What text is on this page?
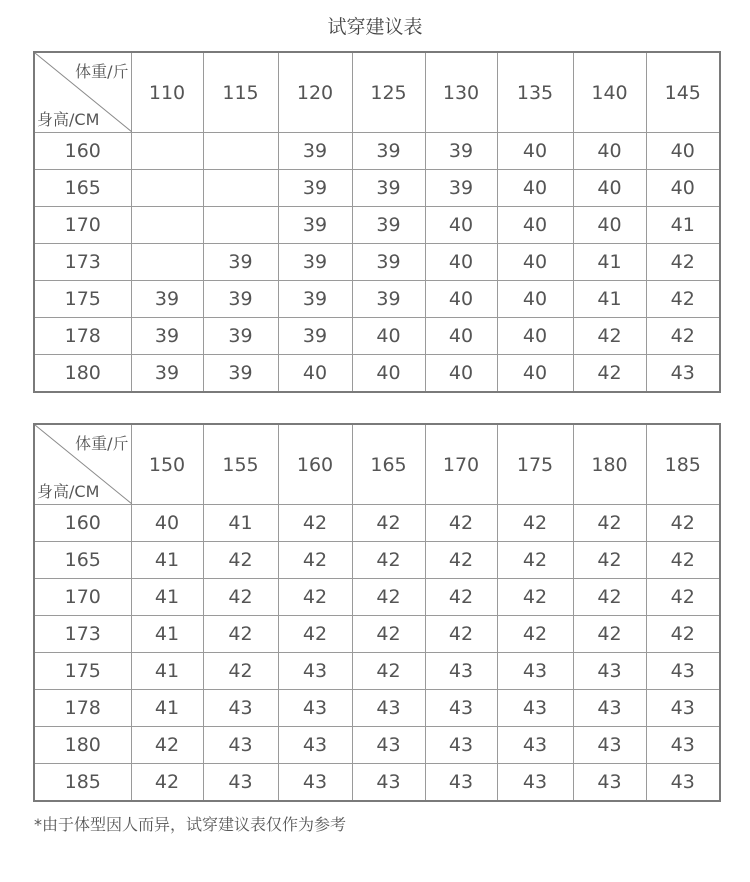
试穿建议表
体重/斤
身高/CM	110	115	120	125	130	135	140	145
160			39	39	39	40	40	40
165			39	39	39	40	40	40
170			39	39	40	40	40	41
173		39	39	39	40	40	41	42
175	39	39	39	39	40	40	41	42
178	39	39	39	40	40	40	42	42
180	39	39	40	40	40	40	42	43
体重/斤
身高/CM	150	155	160	165	170	175	180	185
160	40	41	42	42	42	42	42	42
165	41	42	42	42	42	42	42	42
170	41	42	42	42	42	42	42	42
173	41	42	42	42	42	42	42	42
175	41	42	43	42	43	43	43	43
178	41	43	43	43	43	43	43	43
180	42	43	43	43	43	43	43	43
185	42	43	43	43	43	43	43	43
*由于体型因人而异，试穿建议表仅作为参考
